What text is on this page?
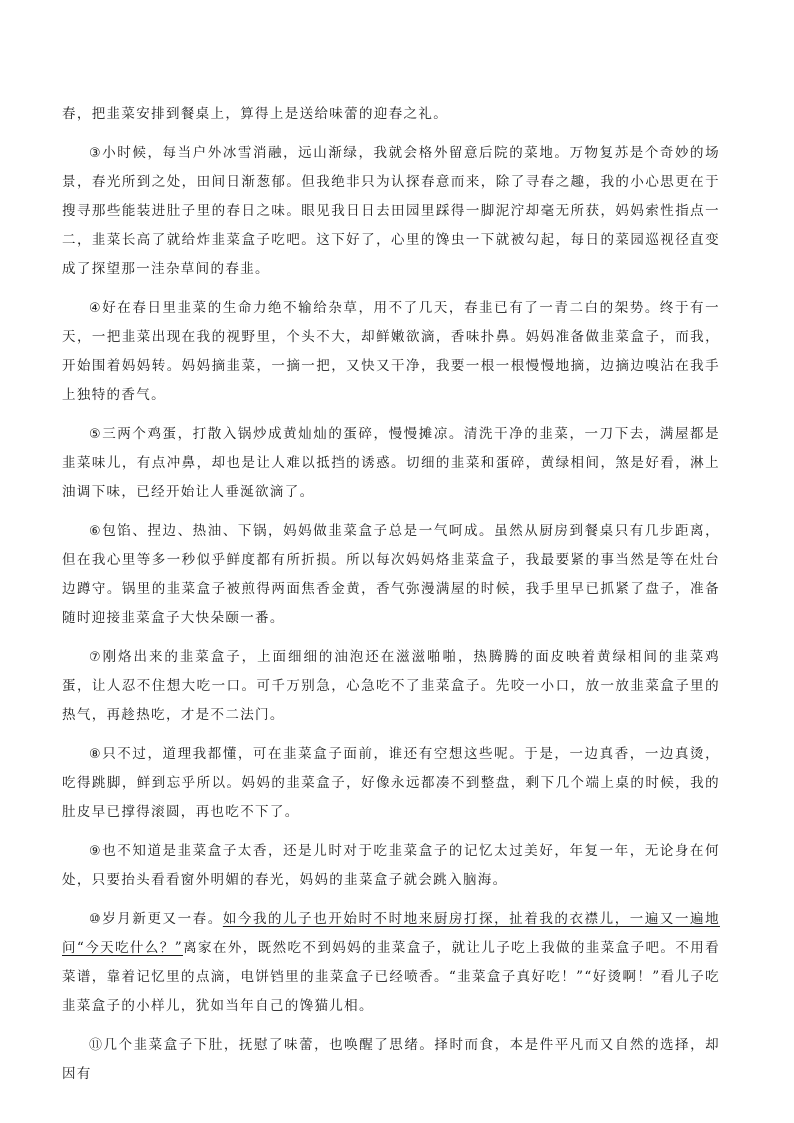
春，把韭菜安排到餐桌上，算得上是送给味蕾的迎春之礼。

③小时候，每当户外冰雪消融，远山渐绿，我就会格外留意后院的菜地。万物复苏是个奇妙的场景，春光所到之处，田间日渐葱郁。但我绝非只为认探春意而来，除了寻春之趣，我的小心思更在于搜寻那些能装进肚子里的春日之味。眼见我日日去田园里踩得一脚泥泞却毫无所获，妈妈索性指点一二，韭菜长高了就给炸韭菜盒子吃吧。这下好了，心里的馋虫一下就被勾起，每日的菜园巡视径直变成了探望那一洼杂草间的春韭。

④好在春日里韭菜的生命力绝不输给杂草，用不了几天，春韭已有了一青二白的架势。终于有一天，一把韭菜出现在我的视野里，个头不大，却鲜嫩欲滴，香味扑鼻。妈妈准备做韭菜盒子，而我，开始围着妈妈转。妈妈摘韭菜，一摘一把，又快又干净，我要一根一根慢慢地摘，边摘边嗅沾在我手上独特的香气。

⑤三两个鸡蛋，打散入锅炒成黄灿灿的蛋碎，慢慢摊凉。清洗干净的韭菜，一刀下去，满屋都是韭菜味儿，有点冲鼻，却也是让人难以抵挡的诱惑。切细的韭菜和蛋碎，黄绿相间，煞是好看，淋上油调下味，已经开始让人垂涎欲滴了。

⑥包馅、捏边、热油、下锅，妈妈做韭菜盒子总是一气呵成。虽然从厨房到餐桌只有几步距离，但在我心里等多一秒似乎鲜度都有所折损。所以每次妈妈烙韭菜盒子，我最要紧的事当然是等在灶台边蹲守。锅里的韭菜盒子被煎得两面焦香金黄，香气弥漫满屋的时候，我手里早已抓紧了盘子，准备随时迎接韭菜盒子大快朵颐一番。

⑦刚烙出来的韭菜盒子，上面细细的油泡还在滋滋啪啪，热腾腾的面皮映着黄绿相间的韭菜鸡蛋，让人忍不住想大吃一口。可千万别急，心急吃不了韭菜盒子。先咬一小口，放一放韭菜盒子里的热气，再趁热吃，才是不二法门。

⑧只不过，道理我都懂，可在韭菜盒子面前，谁还有空想这些呢。于是，一边真香，一边真烫，吃得跳脚，鲜到忘乎所以。妈妈的韭菜盒子，好像永远都凑不到整盘，剩下几个端上桌的时候，我的肚皮早已撑得滚圆，再也吃不下了。

⑨也不知道是韭菜盒子太香，还是儿时对于吃韭菜盒子的记忆太过美好，年复一年，无论身在何处，只要抬头看看窗外明媚的春光，妈妈的韭菜盒子就会跳入脑海。

⑩岁月新更又一春。如今我的儿子也开始时不时地来厨房打探，扯着我的衣襟儿，一遍又一遍地问“今天吃什么？”离家在外，既然吃不到妈妈的韭菜盒子，就让儿子吃上我做的韭菜盒子吧。不用看菜谱，靠着记忆里的点滴，电饼铛里的韭菜盒子已经喷香。“韭菜盒子真好吃！”“好烫啊！”看儿子吃韭菜盒子的小样儿，犹如当年自己的馋猫儿相。

⑪几个韭菜盒子下肚，抚慰了味蕾，也唤醒了思绪。择时而食，本是件平凡而又自然的选择，却因有
